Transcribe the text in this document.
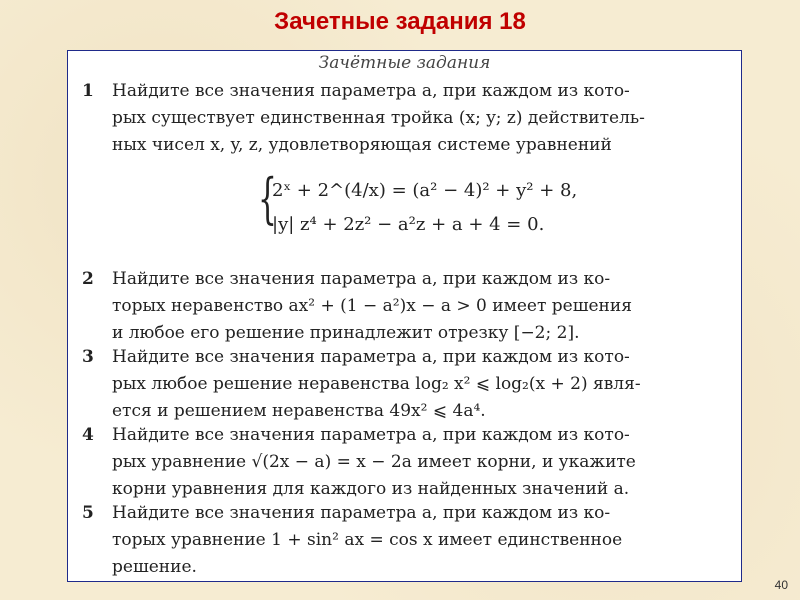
Зачетные задания 18
Зачётные задания
1 Найдите все значения параметра a, при каждом из кото-
рых существует единственная тройка (x; y; z) действитель-
ных чисел x, y, z, удовлетворяющая системе уравнений
{
2ˣ + 2^(4/x) = (a² − 4)² + y² + 8,
|y| z⁴ + 2z² − a²z + a + 4 = 0.
2 Найдите все значения параметра a, при каждом из ко-
торых неравенство ax² + (1 − a²)x − a > 0 имеет решения
и любое его решение принадлежит отрезку [−2; 2].
3 Найдите все значения параметра a, при каждом из кото-
рых любое решение неравенства log₂ x² ⩽ log₂(x + 2) явля-
ется и решением неравенства 49x² ⩽ 4a⁴.
4 Найдите все значения параметра a, при каждом из кото-
рых уравнение √(2x − a) = x − 2a имеет корни, и укажите
корни уравнения для каждого из найденных значений a.
5 Найдите все значения параметра a, при каждом из ко-
торых уравнение 1 + sin² ax = cos x имеет единственное
решение.
40
